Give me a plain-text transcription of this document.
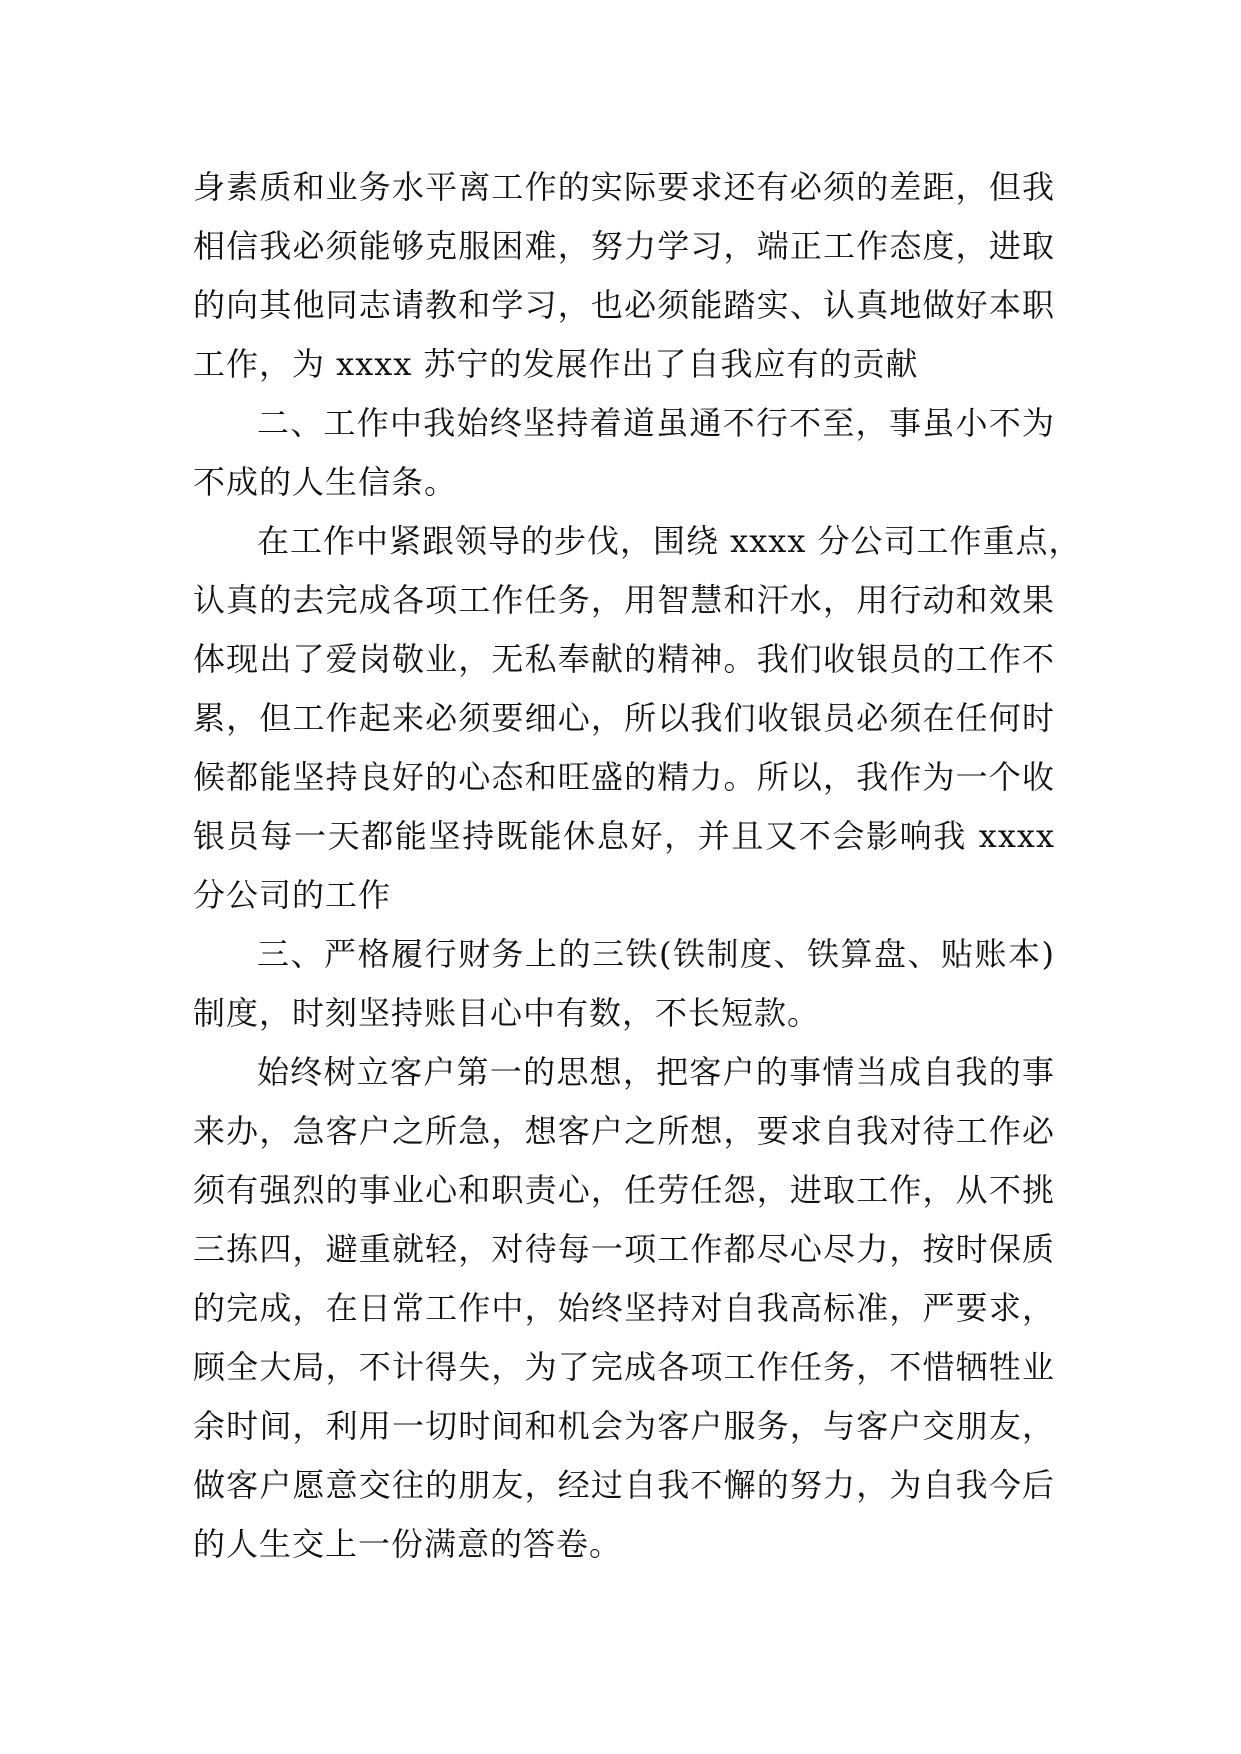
身素质和业务水平离工作的实际要求还有必须的差距，但我
相信我必须能够克服困难，努力学习，端正工作态度，进取
的向其他同志请教和学习，也必须能踏实、认真地做好本职
工作，为 xxxx 苏宁的发展作出了自我应有的贡献
二、工作中我始终坚持着道虽通不行不至，事虽小不为
不成的人生信条。
在工作中紧跟领导的步伐，围绕 xxxx 分公司工作重点，
认真的去完成各项工作任务，用智慧和汗水，用行动和效果
体现出了爱岗敬业，无私奉献的精神。我们收银员的工作不
累，但工作起来必须要细心，所以我们收银员必须在任何时
候都能坚持良好的心态和旺盛的精力。所以，我作为一个收
银员每一天都能坚持既能休息好，并且又不会影响我 xxxx
分公司的工作
三、严格履行财务上的三铁(铁制度、铁算盘、贴账本)
制度，时刻坚持账目心中有数，不长短款。
始终树立客户第一的思想，把客户的事情当成自我的事
来办，急客户之所急，想客户之所想，要求自我对待工作必
须有强烈的事业心和职责心，任劳任怨，进取工作，从不挑
三拣四，避重就轻，对待每一项工作都尽心尽力，按时保质
的完成，在日常工作中，始终坚持对自我高标准，严要求，
顾全大局，不计得失，为了完成各项工作任务，不惜牺牲业
余时间，利用一切时间和机会为客户服务，与客户交朋友，
做客户愿意交往的朋友，经过自我不懈的努力，为自我今后
的人生交上一份满意的答卷。
